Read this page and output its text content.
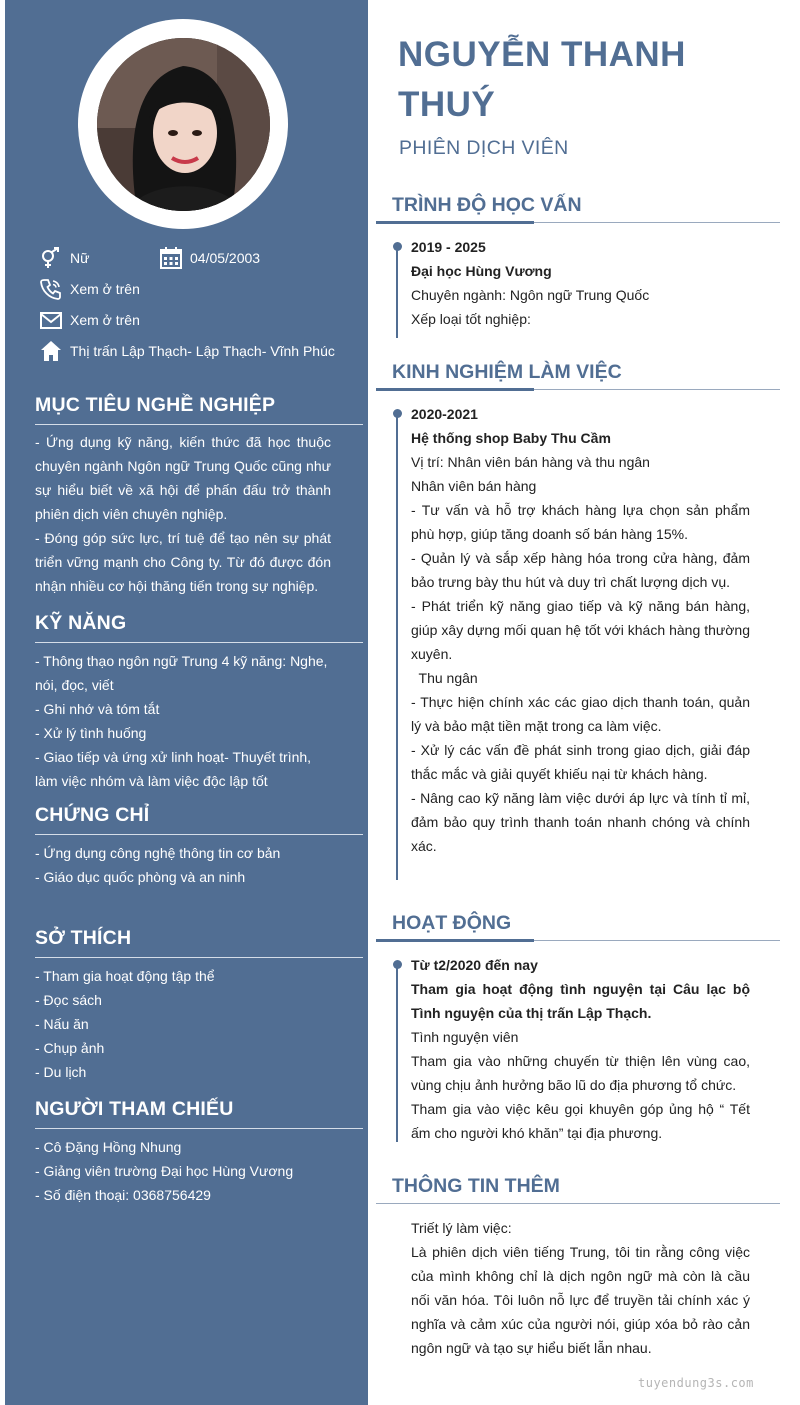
Nữ	04/05/2003
Xem ở trên
Xem ở trên
Thị trấn Lập Thạch- Lập Thạch- Vĩnh Phúc
MỤC TIÊU NGHỀ NGHIỆP

- Ứng dụng kỹ năng, kiến thức đã học thuộc chuyên ngành Ngôn ngữ Trung Quốc cũng như sự hiểu biết về xã hội để phấn đấu trở thành phiên dịch viên chuyên nghiệp.

- Đóng góp sức lực, trí tuệ để tạo nên sự phát triển vững mạnh cho Công ty. Từ đó được đón nhận nhiều cơ hội thăng tiến trong sự nghiệp.

KỸ NĂNG

- Thông thạo ngôn ngữ Trung 4 kỹ năng: Nghe, nói, đọc, viết

- Ghi nhớ và tóm tắt

- Xử lý tình huống

- Giao tiếp và ứng xử linh hoạt- Thuyết trình, làm việc nhóm và làm việc độc lập tốt

CHỨNG CHỈ

- Ứng dụng công nghệ thông tin cơ bản

- Giáo dục quốc phòng và an ninh

SỞ THÍCH

- Tham gia hoạt động tập thể

- Đọc sách

- Nấu ăn

- Chụp ảnh

- Du lịch

NGƯỜI THAM CHIẾU

- Cô Đặng Hồng Nhung

- Giảng viên trường Đại học Hùng Vương

- Số điện thoại: 0368756429

NGUYỄN THANH THUÝ
PHIÊN DỊCH VIÊN
TRÌNH ĐỘ HỌC VẤN

2019 - 2025

Đại học Hùng Vương

Chuyên ngành: Ngôn ngữ Trung Quốc

Xếp loại tốt nghiệp:

KINH NGHIỆM LÀM VIỆC

2020-2021

Hệ thống shop Baby Thu Cầm

Vị trí: Nhân viên bán hàng và thu ngân

Nhân viên bán hàng

- Tư vấn và hỗ trợ khách hàng lựa chọn sản phẩm phù hợp, giúp tăng doanh số bán hàng 15%.

- Quản lý và sắp xếp hàng hóa trong cửa hàng, đảm bảo trưng bày thu hút và duy trì chất lượng dịch vụ.

- Phát triển kỹ năng giao tiếp và kỹ năng bán hàng, giúp xây dựng mối quan hệ tốt với khách hàng thường xuyên.

Thu ngân

- Thực hiện chính xác các giao dịch thanh toán, quản lý và bảo mật tiền mặt trong ca làm việc.

- Xử lý các vấn đề phát sinh trong giao dịch, giải đáp thắc mắc và giải quyết khiếu nại từ khách hàng.

- Nâng cao kỹ năng làm việc dưới áp lực và tính tỉ mỉ, đảm bảo quy trình thanh toán nhanh chóng và chính xác.

HOẠT ĐỘNG

Từ t2/2020 đến nay

Tham gia hoạt động tình nguyện tại Câu lạc bộ Tình nguyện của thị trấn Lập Thạch.

Tình nguyện viên

Tham gia vào những chuyến từ thiện lên vùng cao, vùng chịu ảnh hưởng bão lũ do địa phương tổ chức.

Tham gia vào việc kêu gọi khuyên góp ủng hộ “ Tết ấm cho người khó khăn” tại địa phương.

THÔNG TIN THÊM

Triết lý làm việc:

Là phiên dịch viên tiếng Trung, tôi tin rằng công việc của mình không chỉ là dịch ngôn ngữ mà còn là cầu nối văn hóa. Tôi luôn nỗ lực để truyền tải chính xác ý nghĩa và cảm xúc của người nói, giúp xóa bỏ rào cản ngôn ngữ và tạo sự hiểu biết lẫn nhau.

tuyendung3s.com
